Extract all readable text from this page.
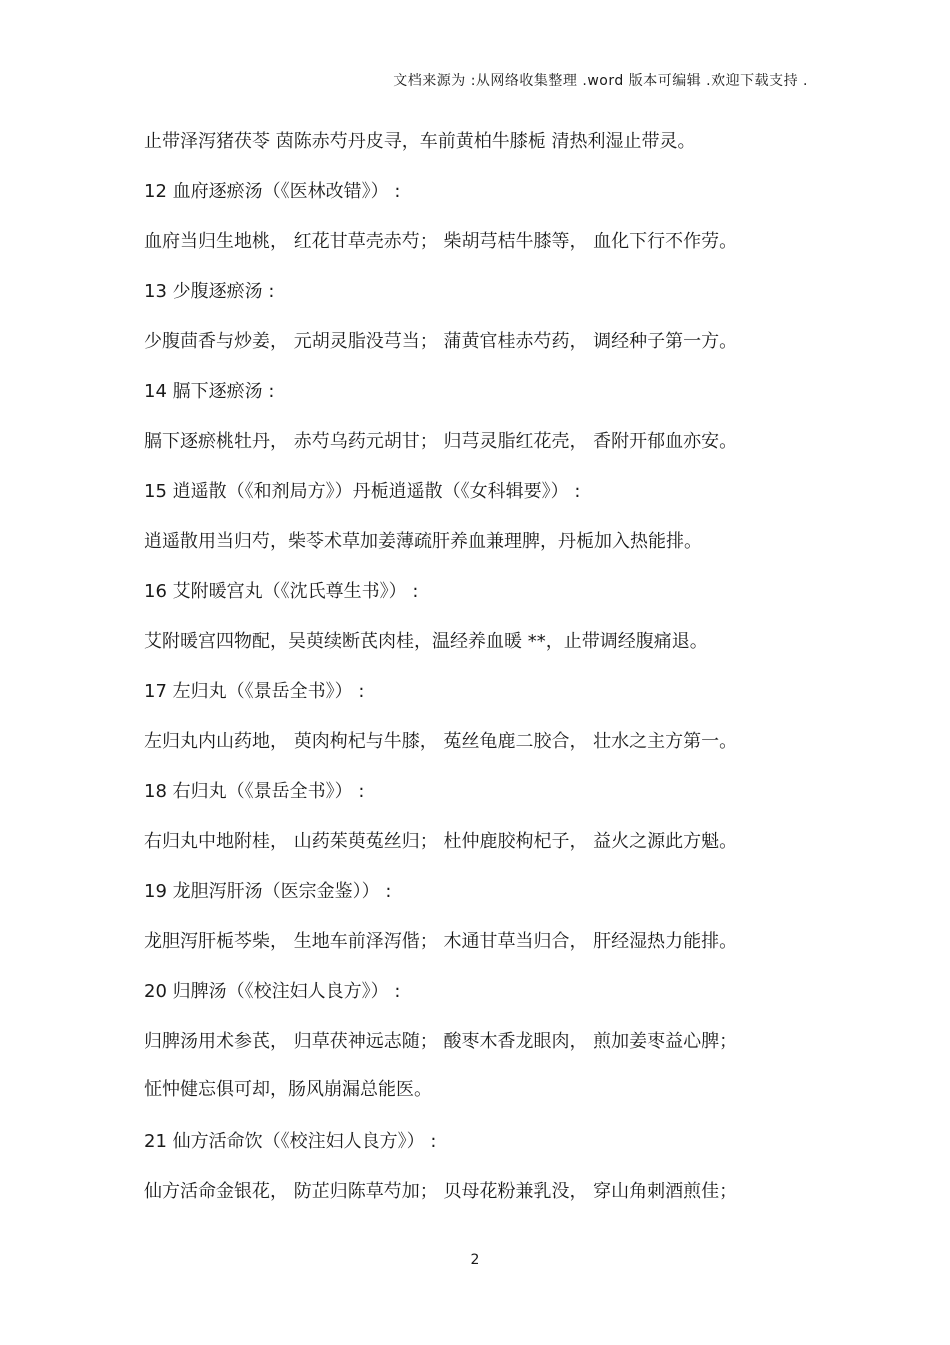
文档来源为 :从网络收集整理 .word 版本可编辑 .欢迎下载支持 .
止带泽泻猪茯苓 茵陈赤芍丹皮寻，车前黄柏牛膝栀 清热利湿止带灵。
12 血府逐瘀汤（《医林改错》） :
血府当归生地桃， 红花甘草壳赤芍； 柴胡芎桔牛膝等， 血化下行不作劳。
13 少腹逐瘀汤 :
少腹茴香与炒姜， 元胡灵脂没芎当； 蒲黄官桂赤芍药， 调经种子第一方。
14 膈下逐瘀汤 :
膈下逐瘀桃牡丹， 赤芍乌药元胡甘； 归芎灵脂红花壳， 香附开郁血亦安。
15 逍遥散（《和剂局方》）丹栀逍遥散（《女科辑要》） :
逍遥散用当归芍，柴苓术草加姜薄疏肝养血兼理脾，丹栀加入热能排。
16 艾附暖宫丸（《沈氏尊生书》） :
艾附暖宫四物配，吴萸续断芪肉桂，温经养血暖 **，止带调经腹痛退。
17 左归丸（《景岳全书》） :
左归丸内山药地， 萸肉枸杞与牛膝， 菟丝龟鹿二胶合， 壮水之主方第一。
18 右归丸（《景岳全书》） :
右归丸中地附桂， 山药茱萸菟丝归； 杜仲鹿胶枸杞子， 益火之源此方魁。
19 龙胆泻肝汤（医宗金鉴）） :
龙胆泻肝栀芩柴， 生地车前泽泻偕； 木通甘草当归合， 肝经湿热力能排。
20 归脾汤（《校注妇人良方》） :
归脾汤用术参芪， 归草茯神远志随； 酸枣木香龙眼肉， 煎加姜枣益心脾；
怔忡健忘俱可却，肠风崩漏总能医。
21 仙方活命饮（《校注妇人良方》） :
仙方活命金银花， 防芷归陈草芍加； 贝母花粉兼乳没， 穿山角刺酒煎佳；
2
